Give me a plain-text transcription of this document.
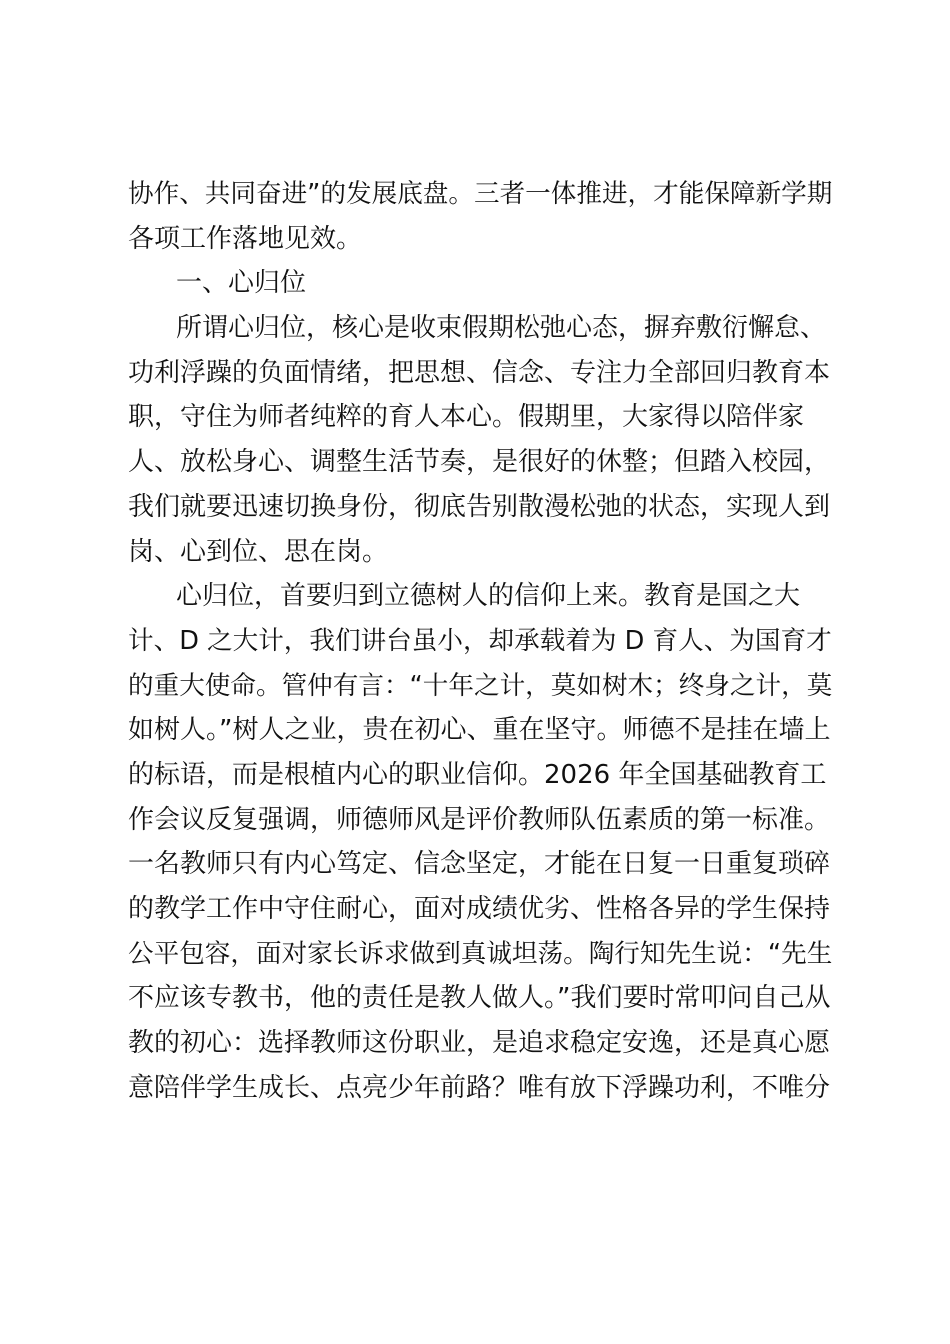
协作、共同奋进”的发展底盘。三者一体推进，才能保障新学期
各项工作落地见效。
一、心归位
所谓心归位，核心是收束假期松弛心态，摒弃敷衍懈怠、
功利浮躁的负面情绪，把思想、信念、专注力全部回归教育本
职，守住为师者纯粹的育人本心。假期里，大家得以陪伴家
人、放松身心、调整生活节奏，是很好的休整；但踏入校园，
我们就要迅速切换身份，彻底告别散漫松弛的状态，实现人到
岗、心到位、思在岗。
心归位，首要归到立德树人的信仰上来。教育是国之大
计、D 之大计，我们讲台虽小，却承载着为 D 育人、为国育才
的重大使命。管仲有言：“十年之计，莫如树木；终身之计，莫
如树人。”树人之业，贵在初心、重在坚守。师德不是挂在墙上
的标语，而是根植内心的职业信仰。2026 年全国基础教育工
作会议反复强调，师德师风是评价教师队伍素质的第一标准。
一名教师只有内心笃定、信念坚定，才能在日复一日重复琐碎
的教学工作中守住耐心，面对成绩优劣、性格各异的学生保持
公平包容，面对家长诉求做到真诚坦荡。陶行知先生说：“先生
不应该专教书，他的责任是教人做人。”我们要时常叩问自己从
教的初心：选择教师这份职业，是追求稳定安逸，还是真心愿
意陪伴学生成长、点亮少年前路？唯有放下浮躁功利，不唯分
